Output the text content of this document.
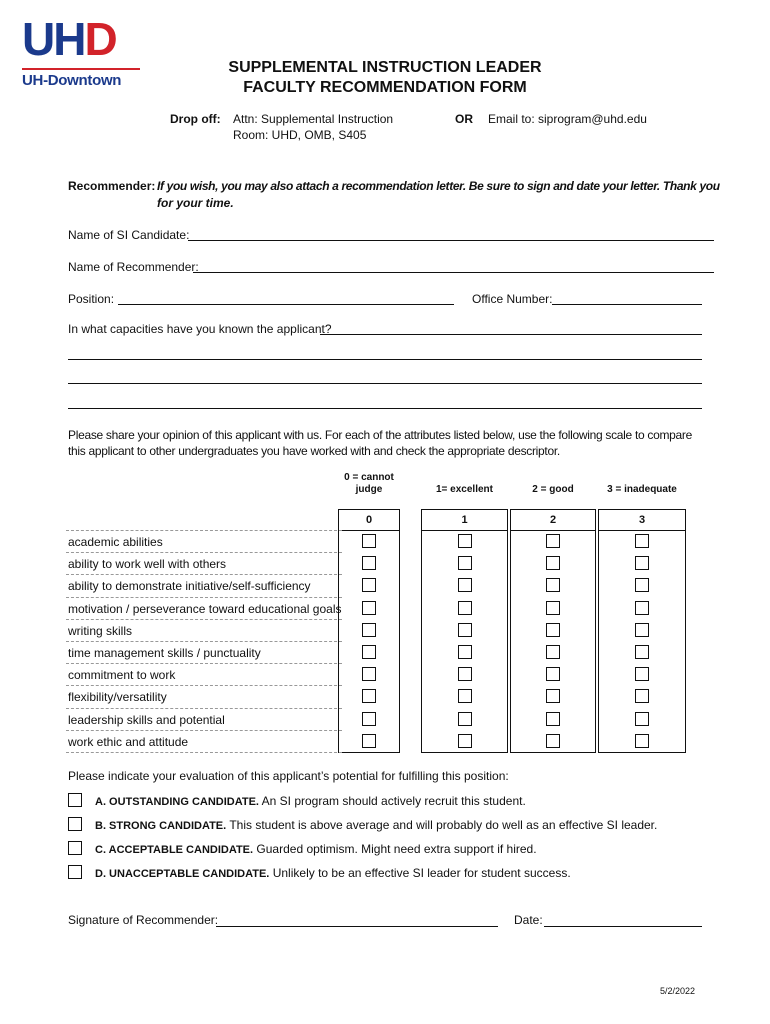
UHD
UH-Downtown
SUPPLEMENTAL INSTRUCTION LEADER
FACULTY RECOMMENDATION FORM
Drop off: Attn: Supplemental Instruction
Room: UHD, OMB, S405
OR Email to: siprogram@uhd.edu
Recommender: If you wish, you may also attach a recommendation letter. Be sure to sign and date your letter. Thank you
for your time.
Name of SI Candidate:
Name of Recommender:
Position:	Office Number:
In what capacities have you known the applicant?
Please share your opinion of this applicant with us. For each of the attributes listed below, use the following scale to compare
this applicant to other undergraduates you have worked with and check the appropriate descriptor.
0 = cannot
judge
0
1= excellent
1
2 = good
2
3 = inadequate
3
academic abilities
ability to work well with others
ability to demonstrate initiative/self-sufficiency
motivation / perseverance toward educational goals
writing skills
time management skills / punctuality
commitment to work
flexibility/versatility
leadership skills and potential
work ethic and attitude
Please indicate your evaluation of this applicant’s potential for fulfilling this position:
A. OUTSTANDING CANDIDATE. An SI program should actively recruit this student.
B. STRONG CANDIDATE. This student is above average and will probably do well as an effective SI leader.
C. ACCEPTABLE CANDIDATE. Guarded optimism. Might need extra support if hired.
D. UNACCEPTABLE CANDIDATE. Unlikely to be an effective SI leader for student success.
Signature of Recommender:	Date:
5/2/2022
